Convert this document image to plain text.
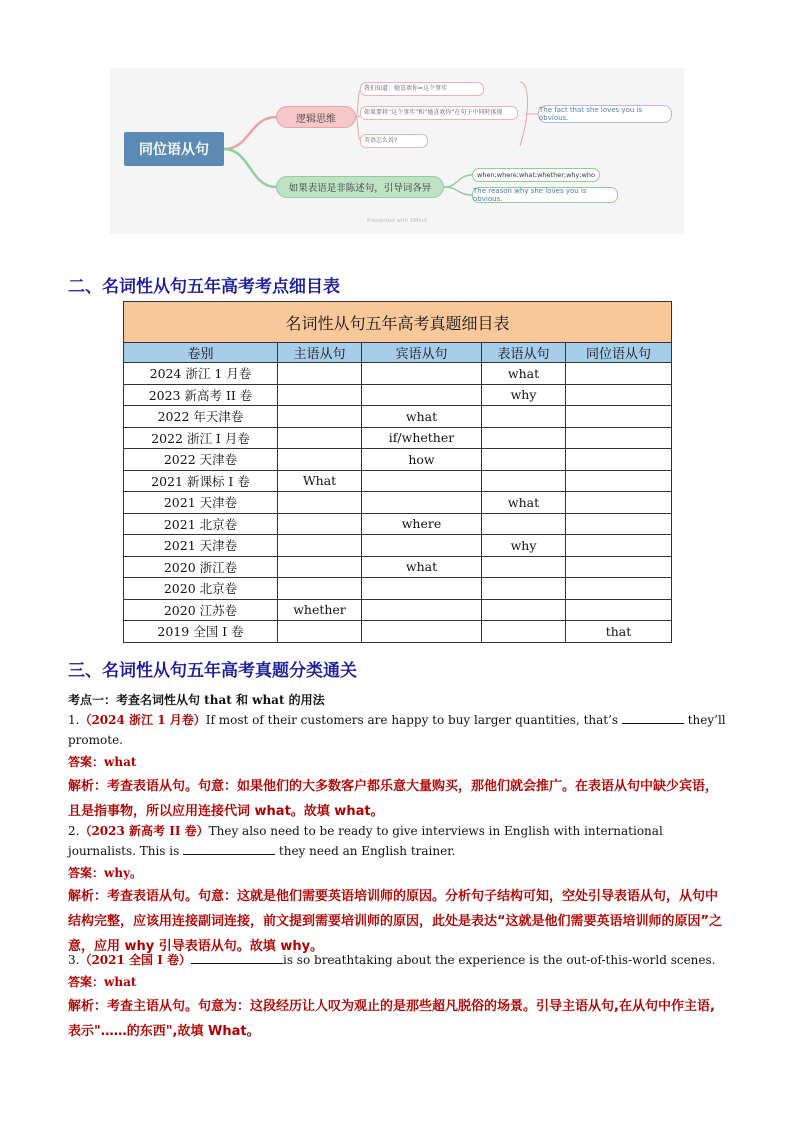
同位语从句
逻辑思维
如果表语是非陈述句，引导词各异
我们知道：她喜欢你=这个事实
如果要将“这个事实”和“她喜欢你”在句子中同时体现
英语怎么说?
The fact that she loves you is obvious.
when;where;what;whether;why;who
The reason why she loves you is obvious.
Presented with XMind
二、名词性从句五年高考考点细目表
名词性从句五年高考真题细目表				
卷别	主语从句	宾语从句	表语从句	同位语从句
2024 浙江 1 月卷			what	
2023 新高考 II 卷			why	
2022 年天津卷		what		
2022 浙江 I 月卷		if/whether		
2022 天津卷		how		
2021 新课标 I 卷	What			
2021 天津卷			what	
2021 北京卷		where		
2021 天津卷			why	
2020 浙江卷		what		
2020 北京卷				
2020 江苏卷	whether			
2019 全国 I 卷				that
三、名词性从句五年高考真题分类通关
考点一：考查名词性从句 that 和 what 的用法
1.（2024 浙江 1 月卷）If most of their customers are happy to buy larger quantities, that’s	they’ll promote.
答案：what
解析：考查表语从句。句意：如果他们的大多数客户都乐意大量购买，那他们就会推广。在表语从句中缺少宾语，且是指事物，所以应用连接代词 what。故填 what。
2.（2023 新高考 II 卷）They also need to be ready to give interviews in English with international journalists. This is	they need an English trainer.
答案：why。
解析：考查表语从句。句意：这就是他们需要英语培训师的原因。分析句子结构可知，空处引导表语从句，从句中结构完整，应该用连接副词连接，前文提到需要培训师的原因，此处是表达“这就是他们需要英语培训师的原因”之意，应用 why 引导表语从句。故填 why。
3.（2021 全国 I 卷）	is so breathtaking about the experience is the out-of-this-world scenes.
答案：what
解析：考查主语从句。句意为：这段经历让人叹为观止的是那些超凡脱俗的场景。引导主语从句,在从句中作主语,表示"……的东西",故填 What。
